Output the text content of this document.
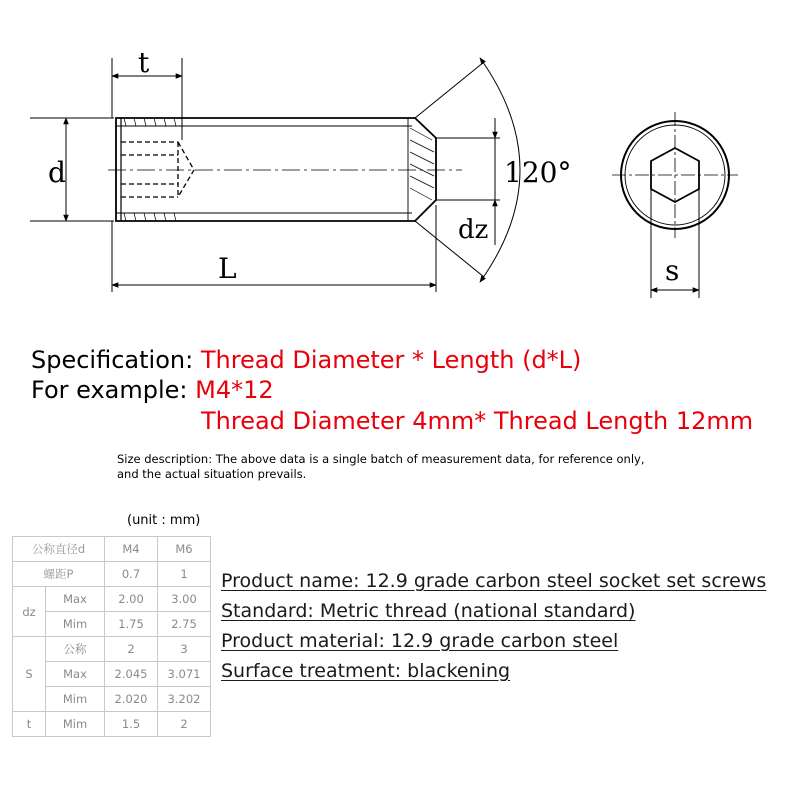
t
d
L
dz
120°
s
Specification: Thread Diameter * Length (d*L)
For example: M4*12
Thread Diameter 4mm* Thread Length 12mm
Size description: The above data is a single batch of measurement data, for reference only,
and the actual situation prevails.
(unit : mm)
公称直径d		M4	M6
螺距P		0.7	1
dz	Max	2.00	3.00
	Mim	1.75	2.75
S	公称	2	3
	Max	2.045	3.071
	Mim	2.020	3.202
t	Mim	1.5	2
Product name: 12.9 grade carbon steel socket set screws
Standard: Metric thread (national standard)
Product material: 12.9 grade carbon steel
Surface treatment: blackening
